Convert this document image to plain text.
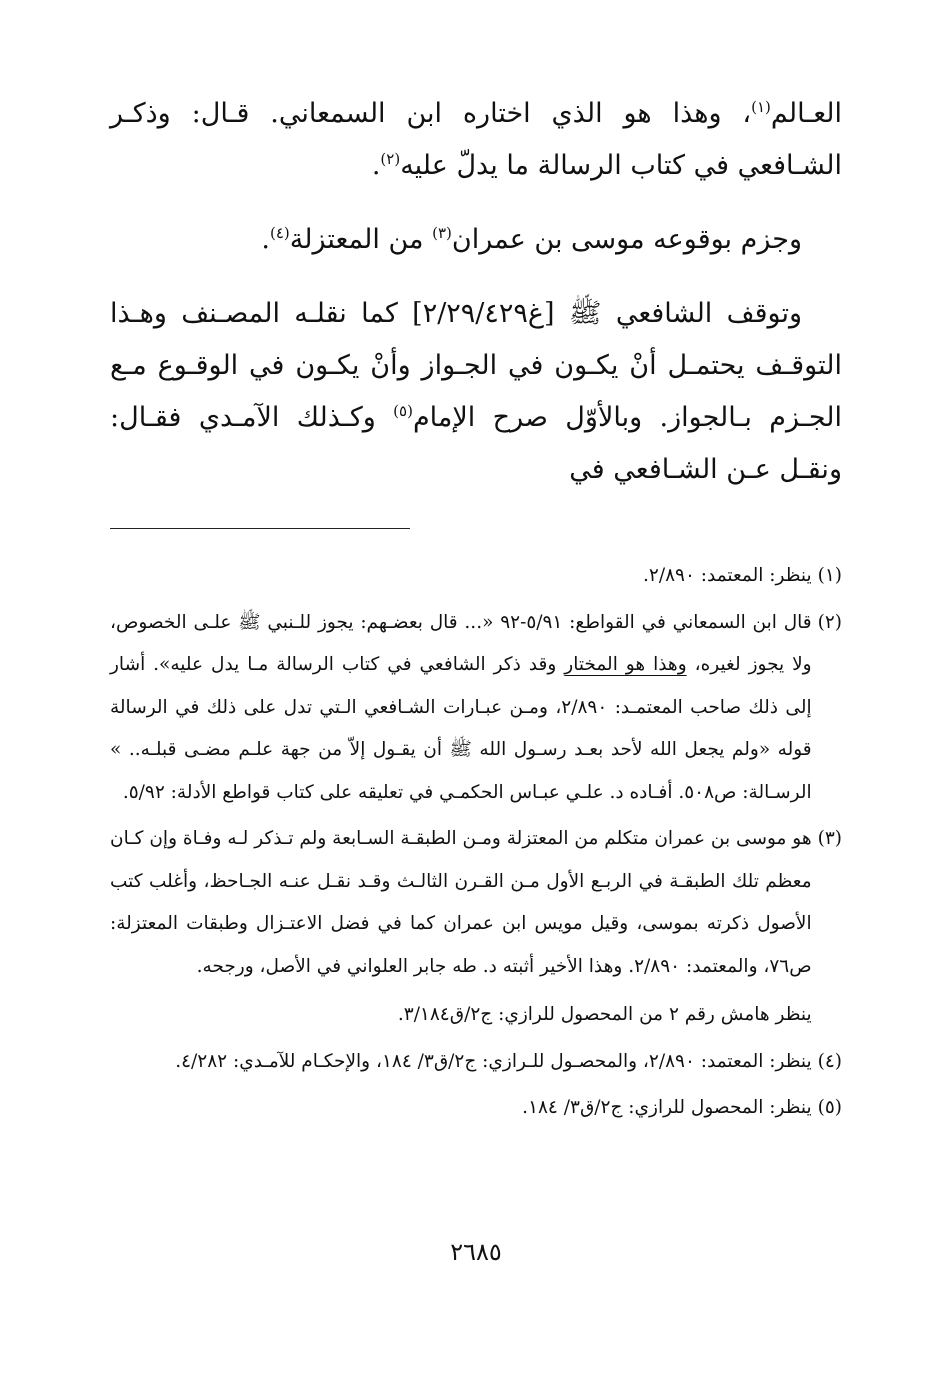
العـالم$^{(١)}$، وهذا هو الذي اختاره ابن السمعاني. قـال: وذكـر الشـافعي في كتاب الرسالة ما يدلّ عليه$^{(٢)}$.

وجزم بوقوعه موسى بن عمران$^{(٣)}$ من المعتزلة$^{(٤)}$.

وتوقف الشافعي ﷺ [غ٢/٢٩/٤٢٩] كما نقلـه المصـنف وهـذا التوقـف يحتمـل أنْ يكـون في الجـواز وأنْ يكـون في الوقـوع مـع الجـزم بـالجواز. وبالأوّل صرح الإمام$^{(٥)}$ وكـذلك الآمـدي فقـال: ونقـل عـن الشـافعي في

(١)

ينظر: المعتمد: ٢/٨٩٠.

(٢)

قال ابن السمعاني في القواطع: ٥/٩١-٩٢ «... قال بعضـهم: يجوز للـنبي ﷺ علـى الخصوص، ولا يجوز لغيره، وهذا هو المختار وقد ذكر الشافعي في كتاب الرسالة مـا يدل عليه». أشار إلى ذلك صاحب المعتمـد: ٢/٨٩٠، ومـن عبـارات الشـافعي الـتي تدل على ذلك في الرسالة قوله «ولم يجعل الله لأحد بعـد رسـول الله ﷺ أن يقـول إلاّ من جهة علـم مضـى قبلـه.. » الرسـالة: ص٥٠٨. أفـاده د. علـي عبـاس الحكمـي في تعليقه على كتاب قواطع الأدلة: ٥/٩٢.

(٣)

هو موسى بن عمران متكلم من المعتزلة ومـن الطبقـة السـابعة ولم تـذكر لـه وفـاة وإن كـان معظم تلك الطبقـة في الربـع الأول مـن القـرن الثالـث وقـد نقـل عنـه الجـاحظ، وأغلب كتب الأصول ذكرته بموسى، وقيل مويس ابن عمران كما في فضل الاعتـزال وطبقات المعتزلة: ص٧٦، والمعتمد: ٢/٨٩٠. وهذا الأخير أثبته د. طه جابر العلواني في الأصل، ورجحه.

ينظر هامش رقم ٢ من المحصول للرازي: ج٢/ق٣/١٨٤.

(٤)

ينظر: المعتمد: ٢/٨٩٠، والمحصـول للـرازي: ج٢/ق٣/ ١٨٤، والإحكـام للآمـدي: ٤/٢٨٢.

(٥)

ينظر: المحصول للرازي: ج٢/ق٣/ ١٨٤.

٢٦٨٥
